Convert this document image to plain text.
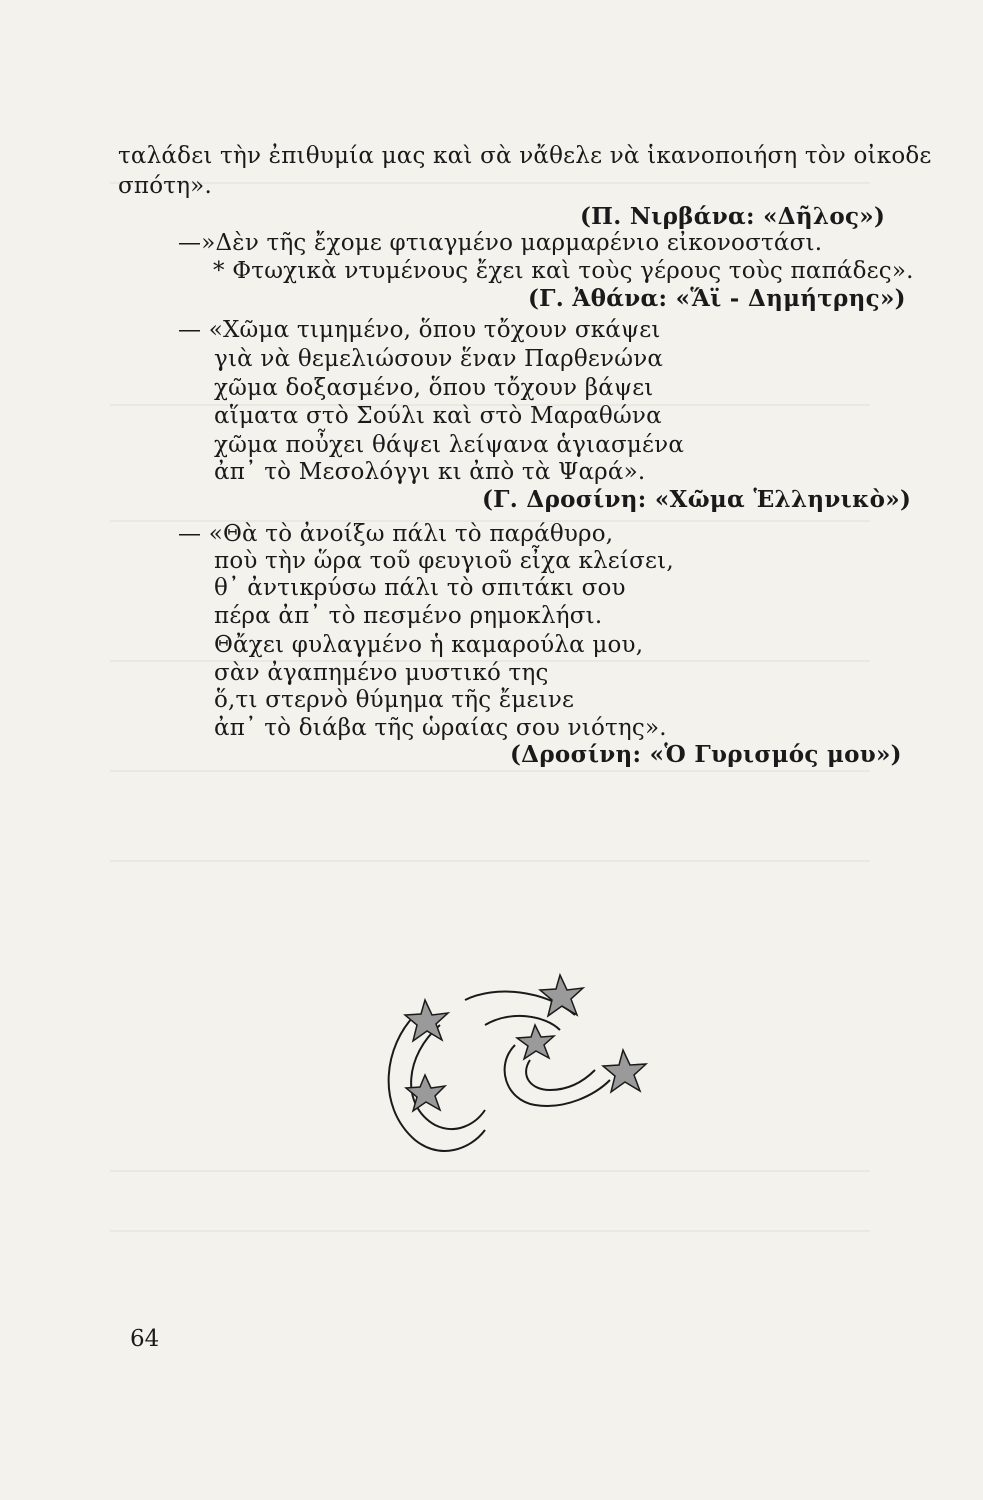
ταλάδει τὴν ἐπιθυμία μας καὶ σὰ νἄθελε νὰ ἱκανοποιήση τὸν οἰκοδε
σπότη».
(Π. Νιρβάνα: «Δῆλος»)
—»Δὲν τῆς ἔχομε φτιαγμένο μαρμαρένιο εἰκονοστάσι.
* Φτωχικὰ ντυμένους ἔχει καὶ τοὺς γέρους τοὺς παπάδες».
(Γ. Ἀθάνα: «Ἅϊ - Δημήτρης»)
— «Χῶμα τιμημένο, ὅπου τὄχουν σκάψει
γιὰ νὰ θεμελιώσουν ἕναν Παρθενώνα
χῶμα δοξασμένο, ὅπου τὄχουν βάψει
αἵματα στὸ Σούλι καὶ στὸ Μαραθώνα
χῶμα ποὖχει θάψει λείψανα ἁγιασμένα
ἀπ᾽ τὸ Μεσολόγγι κι ἀπὸ τὰ Ψαρά».
(Γ. Δροσίνη: «Χῶμα Ἑλληνικὸ»)
— «Θὰ τὸ ἀνοίξω πάλι τὸ παράθυρο,
ποὺ τὴν ὥρα τοῦ φευγιοῦ εἶχα κλείσει,
θ᾽ ἀντικρύσω πάλι τὸ σπιτάκι σου
πέρα ἀπ᾽ τὸ πεσμένο ρημοκλήσι.
Θἄχει φυλαγμένο ἡ καμαρούλα μου,
σὰν ἀγαπημένο μυστικό της
ὅ,τι στερνὸ θύμημα τῆς ἔμεινε
ἀπ᾽ τὸ διάβα τῆς ὡραίας σου νιότης».
(Δροσίνη: «Ὁ Γυρισμός μου»)
64
